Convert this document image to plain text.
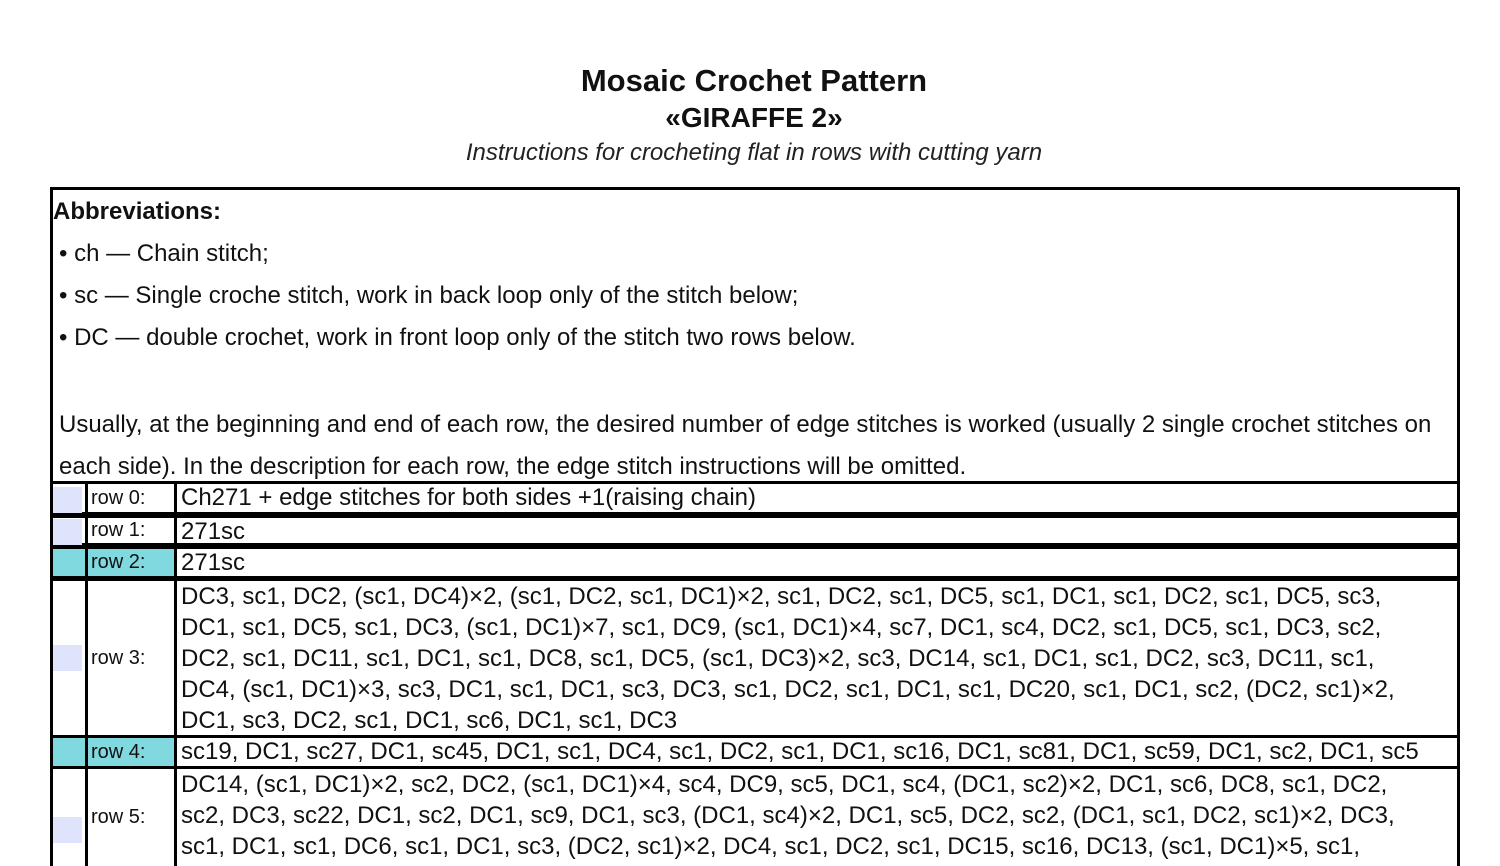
Mosaic Crochet Pattern
«GIRAFFE 2»
Instructions for crocheting flat in rows with cutting yarn
Abbreviations:
• ch — Chain stitch;
• sc — Single croche stitch, work in back loop only of the stitch below;
• DC — double crochet, work in front loop only of the stitch two rows below.
Usually, at the beginning and end of each row, the desired number of edge stitches is worked (usually 2 single crochet stitches on each side). In the description for each row, the edge stitch instructions will be omitted.
row 0:	Ch271 + edge stitches for both sides +1(raising chain)
row 1:	271sc
row 2:	271sc
row 3:
DC3, sc1, DC2, (sc1, DC4)×2, (sc1, DC2, sc1, DC1)×2, sc1, DC2, sc1, DC5, sc1, DC1, sc1, DC2, sc1, DC5, sc3,
DC1, sc1, DC5, sc1, DC3, (sc1, DC1)×7, sc1, DC9, (sc1, DC1)×4, sc7, DC1, sc4, DC2, sc1, DC5, sc1, DC3, sc2,
DC2, sc1, DC11, sc1, DC1, sc1, DC8, sc1, DC5, (sc1, DC3)×2, sc3, DC14, sc1, DC1, sc1, DC2, sc3, DC11, sc1,
DC4, (sc1, DC1)×3, sc3, DC1, sc1, DC1, sc3, DC3, sc1, DC2, sc1, DC1, sc1, DC20, sc1, DC1, sc2, (DC2, sc1)×2,
DC1, sc3, DC2, sc1, DC1, sc6, DC1, sc1, DC3
row 4:	sc19, DC1, sc27, DC1, sc45, DC1, sc1, DC4, sc1, DC2, sc1, DC1, sc16, DC1, sc81, DC1, sc59, DC1, sc2, DC1, sc5
row 5:
DC14, (sc1, DC1)×2, sc2, DC2, (sc1, DC1)×4, sc4, DC9, sc5, DC1, sc4, (DC1, sc2)×2, DC1, sc6, DC8, sc1, DC2,
sc2, DC3, sc22, DC1, sc2, DC1, sc9, DC1, sc3, (DC1, sc4)×2, DC1, sc5, DC2, sc2, (DC1, sc1, DC2, sc1)×2, DC3,
sc1, DC1, sc1, DC6, sc1, DC1, sc3, (DC2, sc1)×2, DC4, sc1, DC2, sc1, DC15, sc16, DC13, (sc1, DC1)×5, sc1,
